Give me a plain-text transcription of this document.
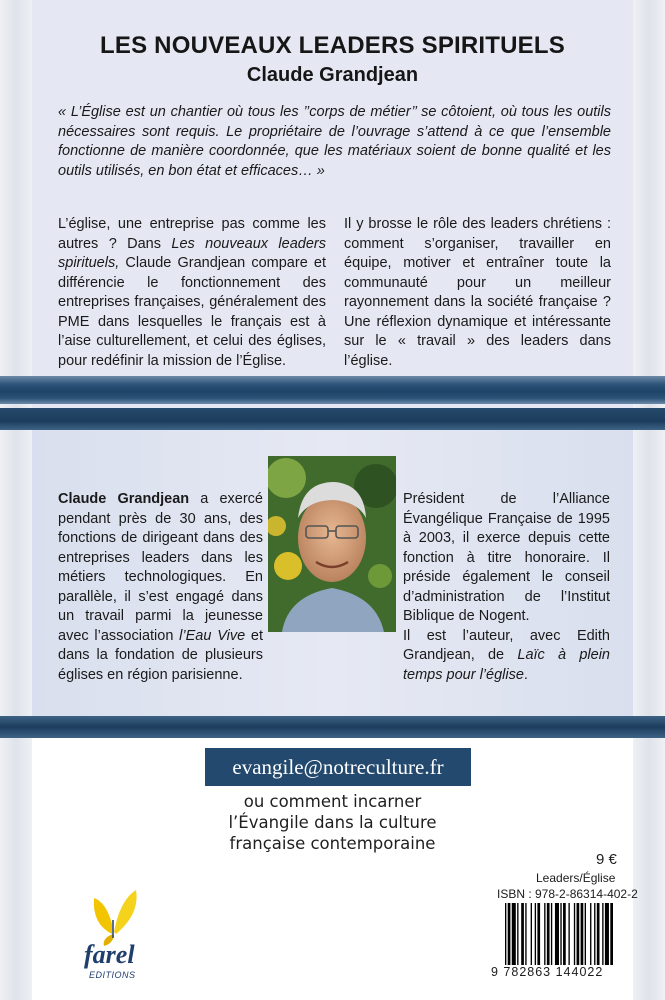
LES NOUVEAUX LEADERS SPIRITUELS
Claude Grandjean
« L’Église est un chantier où tous les ’’corps de métier’’ se côtoient, où tous les outils nécessaires sont requis. Le propriétaire de l’ouvrage s’attend à ce que l’ensemble fonctionne de manière coordonnée, que les matériaux soient de bonne qualité et les outils utilisés, en bon état et efficaces… »
L’église, une entreprise pas comme les autres ? Dans Les nouveaux leaders spirituels, Claude Grandjean compare et différencie le fonctionnement des entreprises françaises, généralement des PME dans lesquelles le français est à l’aise culturellement, et celui des églises, pour redéfinir la mission de l’Église.
Il y brosse le rôle des leaders chrétiens : comment s’organiser, travailler en équipe, motiver et entraîner toute la communauté pour un meilleur rayonnement dans la société française ? Une réflexion dynamique et intéressante sur le « travail » des leaders dans l’église.
Claude Grandjean a exercé pendant près de 30 ans, des fonctions de dirigeant dans des entreprises leaders dans les métiers technologiques. En parallèle, il s’est engagé dans un travail parmi la jeunesse avec l’association l’Eau Vive et dans la fondation de plusieurs églises en région parisienne.
Président de l’Alliance Évangélique Française de 1995 à 2003, il exerce depuis cette fonction à titre honoraire. Il préside également le conseil d’administration de l’Institut Biblique de Nogent.
Il est l’auteur, avec Edith Grandjean, de Laïc à plein temps pour l’église.
evangile@notreculture.fr
ou comment incarner
l’Évangile dans la culture
française contemporaine
farel
EDITIONS
9 €
Leaders/Église
ISBN : 978-2-86314-402-2
9 782863 144022
